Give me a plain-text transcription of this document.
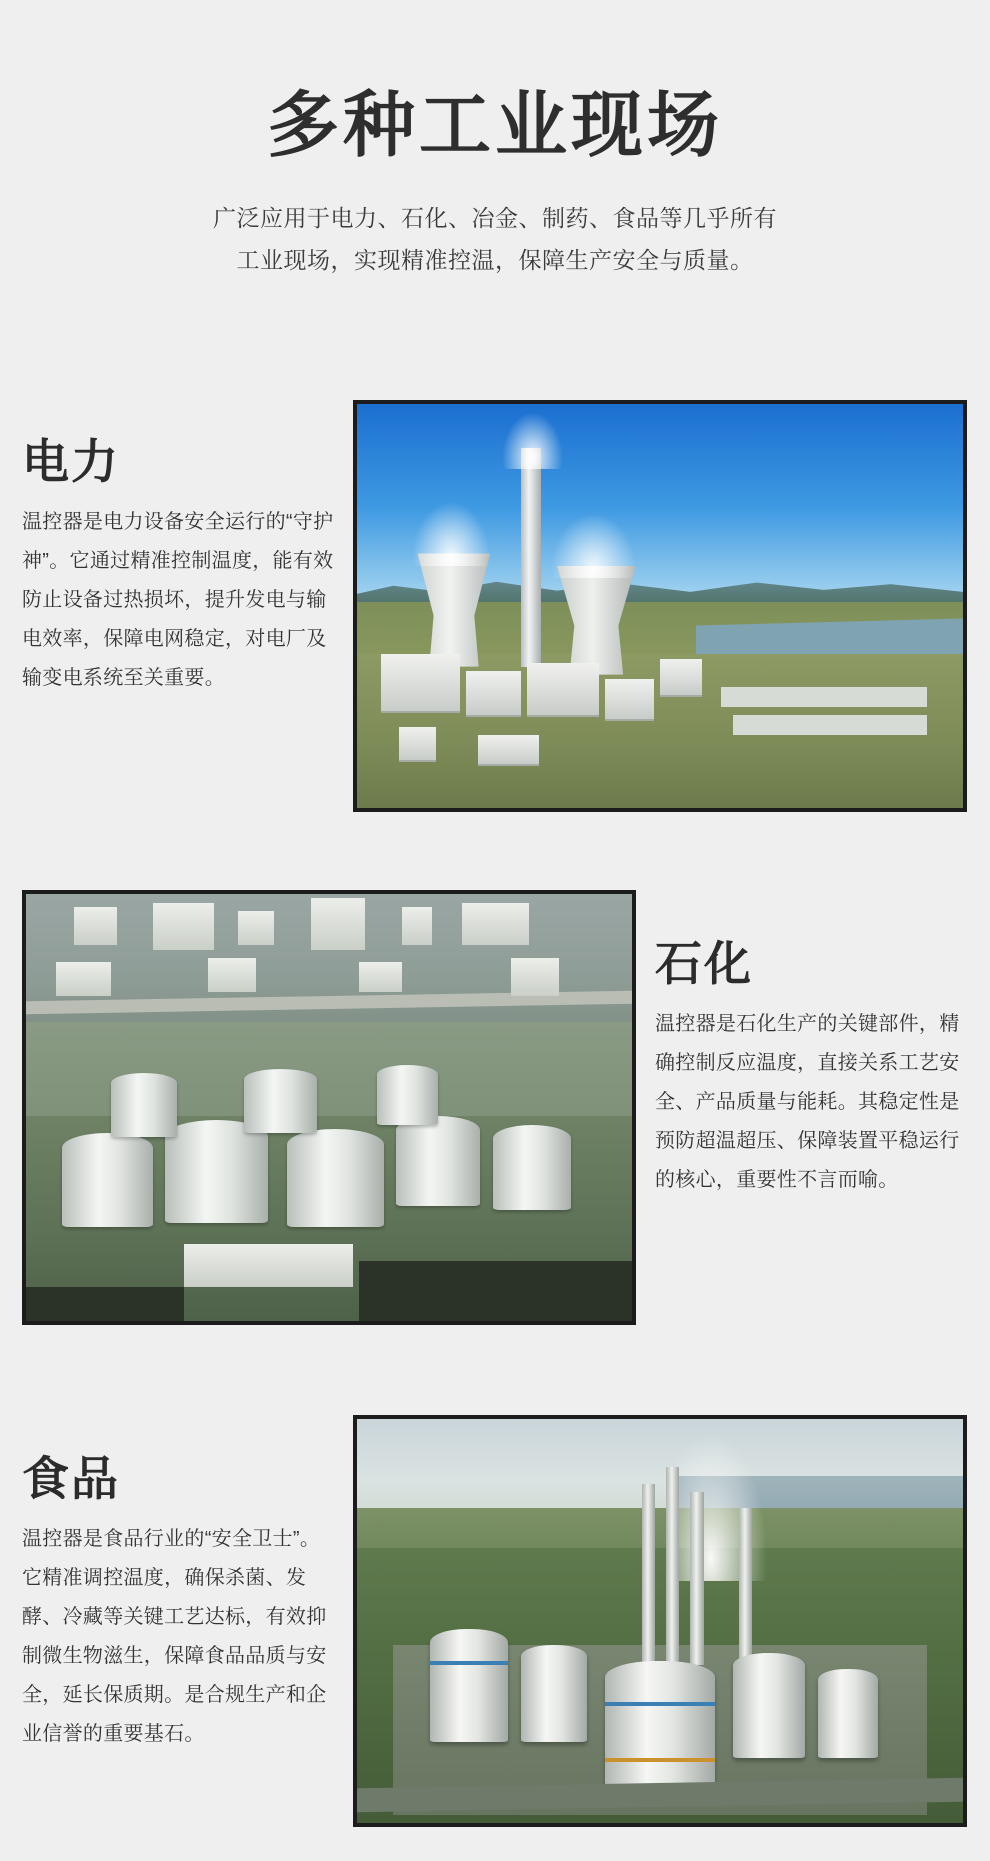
多种工业现场
广泛应用于电力、石化、冶金、制药、食品等几乎所有
工业现场，实现精准控温，保障生产安全与质量。
电力

温控器是电力设备安全运行的“守护神”。它通过精准控制温度，能有效防止设备过热损坏，提升发电与输电效率，保障电网稳定，对电厂及输变电系统至关重要。

石化

温控器是石化生产的关键部件，精确控制反应温度，直接关系工艺安全、产品质量与能耗。其稳定性是预防超温超压、保障装置平稳运行的核心，重要性不言而喻。

食品

温控器是食品行业的“安全卫士”。它精准调控温度，确保杀菌、发酵、冷藏等关键工艺达标，有效抑制微生物滋生，保障食品品质与安全，延长保质期。是合规生产和企业信誉的重要基石。
